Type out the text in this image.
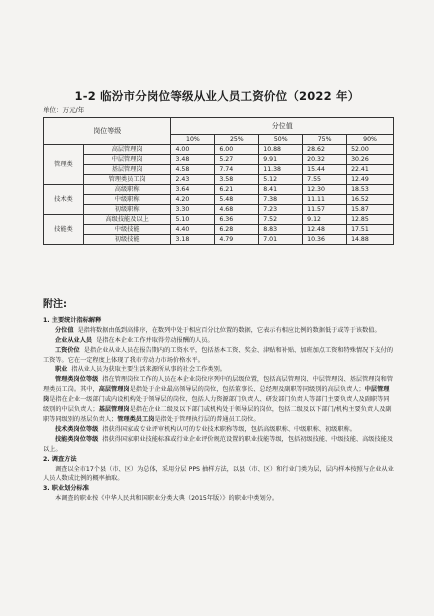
1-2 临汾市分岗位等级从业人员工资价位（2022 年）
单位：万元/年
岗位等级		分位值				
		10%	25%	50%	75%	90%
管理类	高层管理岗	4.00	6.00	10.88	28.62	52.00
	中层管理岗	3.48	5.27	9.91	20.32	30.26
	基层管理岗	4.58	7.74	11.38	15.44	22.41
	管理类员工岗	2.43	3.58	5.12	7.55	12.49
技术类	高级职称	3.64	6.21	8.41	12.30	18.53
	中级职称	4.20	5.48	7.38	11.11	16.52
	初级职称	3.30	4.68	7.23	11.57	15.87
技能类	高级技能及以上	5.10	6.36	7.52	9.12	12.85
	中级技能	4.40	6.28	8.83	12.48	17.51
	初级技能	3.18	4.79	7.01	10.36	14.88

附注:

1. 主要统计指标解释

分位值 是指将数据由低到高排序，在数列中处于相应百分比位置的数据，它表示有相应比例的数据低于或等于该数值。

企业从业人员 是指在本企业工作并取得劳动报酬的人员。

工资价位 是指企业从业人员在报告期内的工资水平，包括基本工资、奖金、津贴和补贴、加班加点工资和特殊情况下支付的工资等。它在一定程度上体现了我市劳动力市场价格水平。

职业 指从业人员为获取主要生活来源所从事的社会工作类别。

管理类岗位等级 指在管理岗位工作的人员在本企业岗位序列中的层级位置，包括高层管理岗、中层管理岗、基层管理岗和管理类员工岗。其中，高层管理岗是指处于企业最高领导层的岗位，包括董事长、总经理及副职等同级别的高层负责人；中层管理岗是指在企业一级部门或内设机构处于领导层的岗位，包括人力资源部门负责人、研发部门负责人等部门主要负责人及副职等同级别的中层负责人；基层管理岗是指在企业二级及以下部门或机构处于领导层的岗位，包括二级及以下部门/机构主要负责人及副职等同级别的基层负责人；管理类员工岗是指处于管理执行层的普通员工岗位。

技术类岗位等级 指获得国家或专业评审机构认可的专业技术职称等级，包括高级职称、中级职称、初级职称。

技能类岗位等级 指获得国家职业技能标准或行业企业评价规范设置的职业技能等级，包括初级技能、中级技能、高级技能及以上。

2. 调查方法

调查以全市17个县（市、区）为总体，采用分层 PPS 抽样方法，以县（市、区）和行业门类为层，层内样本按照与企业从业人员人数成比例的概率抽取。

3. 职业划分标准

本调查的职业按《中华人民共和国职业分类大典（2015年版）》的职业中类划分。
